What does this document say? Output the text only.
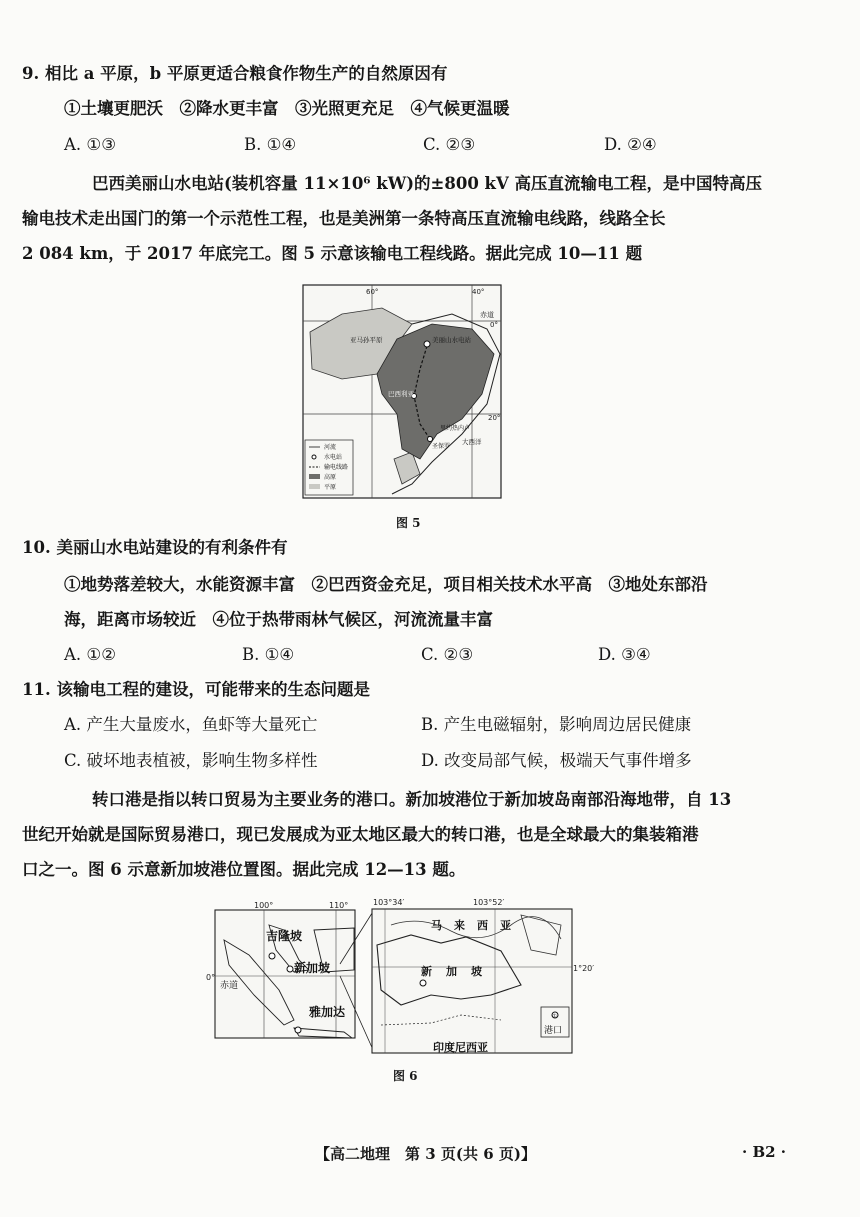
9. 相比 a 平原，b 平原更适合粮食作物生产的自然原因有
①土壤更肥沃　②降水更丰富　③光照更充足　④气候更温暖
A. ①③	B. ①④	C. ②③	D. ②④
巴西美丽山水电站(装机容量 11×10⁶ kW)的±800 kV 高压直流输电工程，是中国特高压
输电技术走出国门的第一个示范性工程，也是美洲第一条特高压直流输电线路，线路全长
2 084 km，于 2017 年底完工。图 5 示意该输电工程线路。据此完成 10—11 题
60°	40°
赤道
0°
20°
亚马孙平原	美丽山水电站
巴西利亚
里约热内卢
圣保罗
大西洋
河流
水电站
输电线路
高原
平原
图 5
10. 美丽山水电站建设的有利条件有
①地势落差较大，水能资源丰富　②巴西资金充足，项目相关技术水平高　③地处东部沿
海，距离市场较近　④位于热带雨林气候区，河流流量丰富
A. ①②	B. ①④	C. ②③	D. ③④
11. 该输电工程的建设，可能带来的生态问题是
A. 产生大量废水，鱼虾等大量死亡	B. 产生电磁辐射，影响周边居民健康
C. 破坏地表植被，影响生物多样性	D. 改变局部气候，极端天气事件增多
转口港是指以转口贸易为主要业务的港口。新加坡港位于新加坡岛南部沿海地带，自 13
世纪开始就是国际贸易港口，现已发展成为亚太地区最大的转口港，也是全球最大的集装箱港
口之一。图 6 示意新加坡港位置图。据此完成 12—13 题。
100°	110°
0°
赤道
吉隆坡
新加坡
雅加达
103°34′	103°52′
1°20′
马来西亚
新加坡
印度尼西亚
①
港口
图 6
【高二地理　第 3 页(共 6 页)】	· B2 ·
